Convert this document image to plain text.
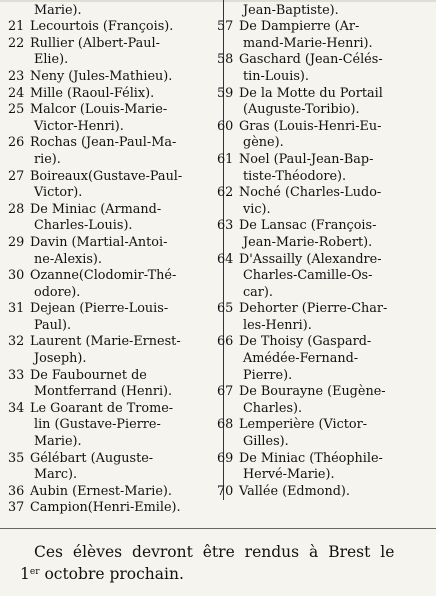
Marie).
21 Lecourtois (François).
22 Rullier (Albert-Paul-
Elie).
23 Neny (Jules-Mathieu).
24 Mille (Raoul-Félix).
25 Malcor (Louis-Marie-
Victor-Henri).
26 Rochas (Jean-Paul-Ma-
rie).
27 Boireaux(Gustave-Paul-
Victor).
28 De Miniac (Armand-
Charles-Louis).
29 Davin (Martial-Antoi-
ne-Alexis).
30 Ozanne(Clodomir-Thé-
odore).
31 Dejean (Pierre-Louis-
Paul).
32 Laurent (Marie-Ernest-
Joseph).
33 De Faubournet de
Montferrand (Henri).
34 Le Goarant de Trome-
lin (Gustave-Pierre-
Marie).
35 Gélébart (Auguste-
Marc).
36 Aubin (Ernest-Marie).
37 Campion(Henri-Emile).
Jean-Baptiste).
57 De Dampierre (Ar-
mand-Marie-Henri).
58 Gaschard (Jean-Célés-
tin-Louis).
59 De la Motte du Portail
(Auguste-Toribio).
60 Gras (Louis-Henri-Eu-
gène).
61 Noel (Paul-Jean-Bap-
tiste-Théodore).
62 Noché (Charles-Ludo-
vic).
63 De Lansac (François-
Jean-Marie-Robert).
64 D'Assailly (Alexandre-
Charles-Camille-Os-
car).
65 Dehorter (Pierre-Char-
les-Henri).
66 De Thoisy (Gaspard-
Amédée-Fernand-
Pierre).
67 De Bourayne (Eugène-
Charles).
68 Lemperière (Victor-
Gilles).
69 De Miniac (Théophile-
Hervé-Marie).
70 Vallée (Edmond).

Ces élèves devront être rendus à Brest le

1er octobre prochain.
